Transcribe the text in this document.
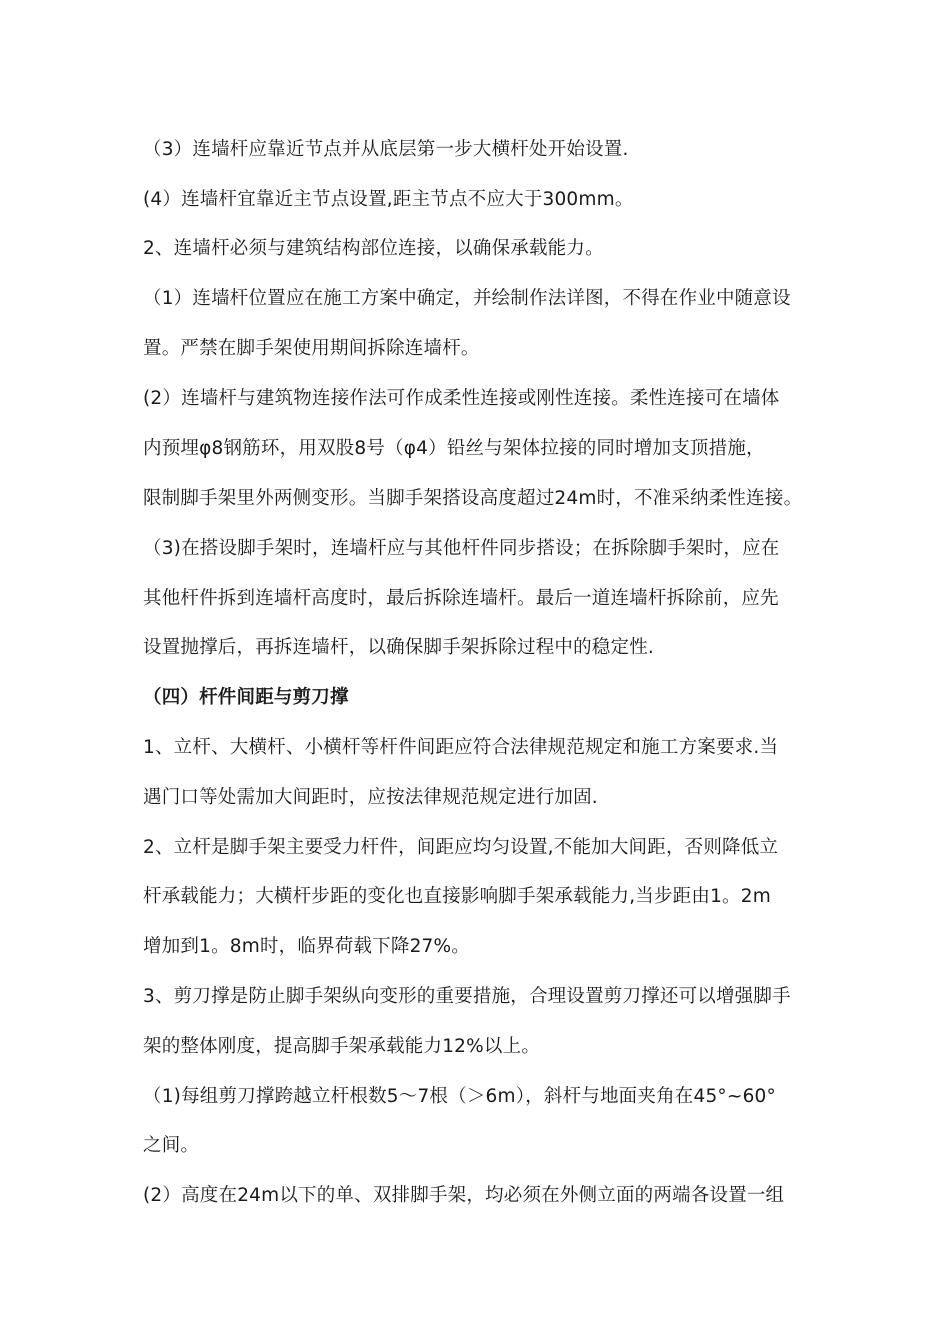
（3）连墙杆应靠近节点并从底层第一步大横杆处开始设置.
(4）连墙杆宜靠近主节点设置,距主节点不应大于300mm。
2、连墙杆必须与建筑结构部位连接，以确保承载能力。
（1）连墙杆位置应在施工方案中确定，并绘制作法详图，不得在作业中随意设
置。严禁在脚手架使用期间拆除连墙杆。
(2）连墙杆与建筑物连接作法可作成柔性连接或刚性连接。柔性连接可在墙体
内预埋φ8钢筋环，用双股8号（φ4）铅丝与架体拉接的同时增加支顶措施，
限制脚手架里外两侧变形。当脚手架搭设高度超过24m时，不准采纳柔性连接。
（3)在搭设脚手架时，连墙杆应与其他杆件同步搭设；在拆除脚手架时，应在
其他杆件拆到连墙杆高度时，最后拆除连墙杆。最后一道连墙杆拆除前，应先
设置抛撑后，再拆连墙杆，以确保脚手架拆除过程中的稳定性.
（四）杆件间距与剪刀撑
1、立杆、大横杆、小横杆等杆件间距应符合法律规范规定和施工方案要求.当
遇门口等处需加大间距时，应按法律规范规定进行加固.
2、立杆是脚手架主要受力杆件，间距应均匀设置,不能加大间距，否则降低立
杆承载能力；大横杆步距的变化也直接影响脚手架承载能力,当步距由1。2m
增加到1。8m时，临界荷载下降27%。
3、剪刀撑是防止脚手架纵向变形的重要措施，合理设置剪刀撑还可以增强脚手
架的整体刚度，提高脚手架承载能力12%以上。
（1)每组剪刀撑跨越立杆根数5～7根（＞6m），斜杆与地面夹角在45°~60°
之间。
(2）高度在24m以下的单、双排脚手架，均必须在外侧立面的两端各设置一组
